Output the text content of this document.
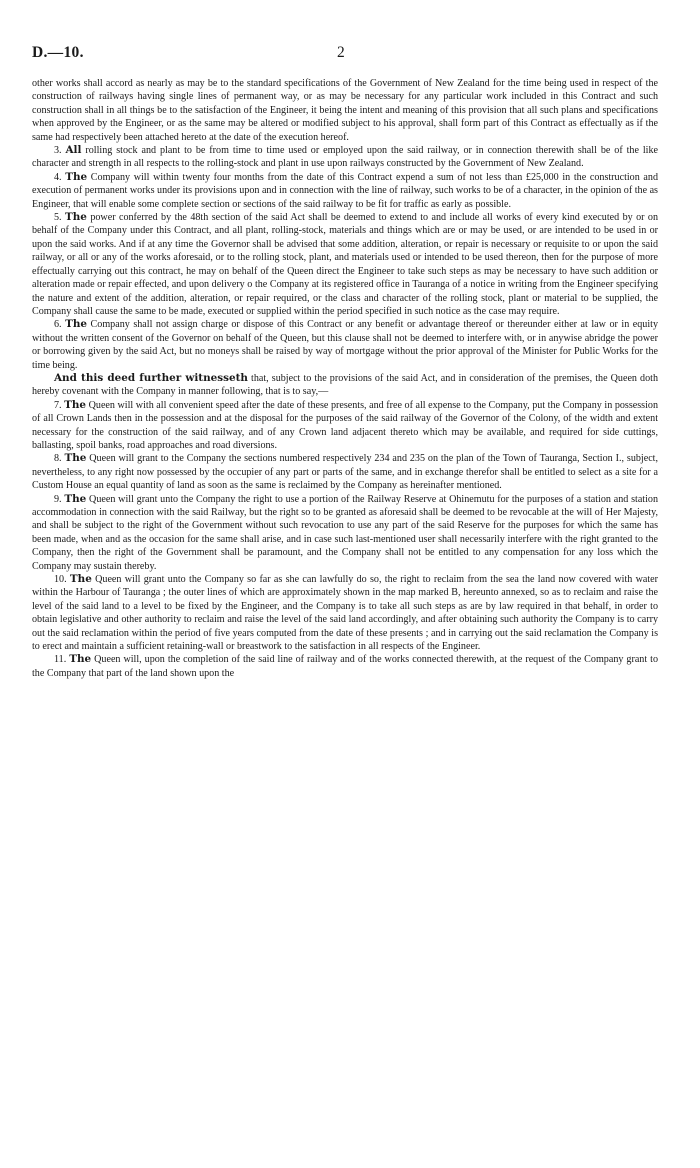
D.—10.	2

other works shall accord as nearly as may be to the standard specifications of the Government of New Zealand for the time being used in respect of the construction of railways having single lines of permanent way, or as may be necessary for any particular work included in this Contract and such construction shall in all things be to the satisfaction of the Engineer, it being the intent and meaning of this provision that all such plans and specifications when approved by the Engineer, or as the same may be altered or modified subject to his approval, shall form part of this Contract as effectually as if the same had respectively been attached hereto at the date of the execution hereof.

3. All rolling stock and plant to be from time to time used or employed upon the said railway, or in connection therewith shall be of the like character and strength in all respects to the rolling-stock and plant in use upon railways constructed by the Government of New Zealand.

4. The Company will within twenty four months from the date of this Contract expend a sum of not less than £25,000 in the construction and execution of permanent works under its provisions upon and in connection with the line of railway, such works to be of a character, in the opinion of the as Engineer, that will enable some complete section or sections of the said railway to be fit for traffic as early as possible.

5. The power conferred by the 48th section of the said Act shall be deemed to extend to and include all works of every kind executed by or on behalf of the Company under this Contract, and all plant, rolling-stock, materials and things which are or may be used, or are intended to be used in or upon the said works. And if at any time the Governor shall be advised that some addition, alteration, or repair is necessary or requisite to or upon the said railway, or all or any of the works aforesaid, or to the rolling stock, plant, and materials used or intended to be used thereon, then for the purpose of more effectually carrying out this contract, he may on behalf of the Queen direct the Engineer to take such steps as may be necessary to have such addition or alteration made or repair effected, and upon delivery o the Company at its registered office in Tauranga of a notice in writing from the Engineer specifying the nature and extent of the addition, alteration, or repair required, or the class and character of the rolling stock, plant or material to be supplied, the Company shall cause the same to be made, executed or supplied within the period specified in such notice as the case may require.

6. The Company shall not assign charge or dispose of this Contract or any benefit or advantage thereof or thereunder either at law or in equity without the written consent of the Governor on behalf of the Queen, but this clause shall not be deemed to interfere with, or in anywise abridge the power or borrowing given by the said Act, but no moneys shall be raised by way of mortgage without the prior approval of the Minister for Public Works for the time being.

And this deed further witnesseth that, subject to the provisions of the said Act, and in consideration of the premises, the Queen doth hereby covenant with the Company in manner following, that is to say,—

7. The Queen will with all convenient speed after the date of these presents, and free of all expense to the Company, put the Company in possession of all Crown Lands then in the possession and at the disposal for the purposes of the said railway of the Governor of the Colony, of the width and extent necessary for the construction of the said railway, and of any Crown land adjacent thereto which may be available, and required for side cuttings, ballasting, spoil banks, road approaches and road diversions.

8. The Queen will grant to the Company the sections numbered respectively 234 and 235 on the plan of the Town of Tauranga, Section I., subject, nevertheless, to any right now possessed by the occupier of any part or parts of the same, and in exchange therefor shall be entitled to select as a site for a Custom House an equal quantity of land as soon as the same is reclaimed by the Company as hereinafter mentioned.

9. The Queen will grant unto the Company the right to use a portion of the Railway Reserve at Ohinemutu for the purposes of a station and station accommodation in connection with the said Railway, but the right so to be granted as aforesaid shall be deemed to be revocable at the will of Her Majesty, and shall be subject to the right of the Government without such revocation to use any part of the said Reserve for the purposes for which the same has been made, when and as the occasion for the same shall arise, and in case such last-mentioned user shall necessarily interfere with the right granted to the Company, then the right of the Government shall be paramount, and the Company shall not be entitled to any compensation for any loss which the Company may sustain thereby.

10. The Queen will grant unto the Company so far as she can lawfully do so, the right to reclaim from the sea the land now covered with water within the Harbour of Tauranga ; the outer lines of which are approximately shown in the map marked B, hereunto annexed, so as to reclaim and raise the level of the said land to a level to be fixed by the Engineer, and the Company is to take all such steps as are by law required in that behalf, in order to obtain legislative and other authority to reclaim and raise the level of the said land accordingly, and after obtaining such authority the Company is to carry out the said reclamation within the period of five years computed from the date of these presents ; and in carrying out the said reclamation the Company is to erect and maintain a sufficient retaining-wall or breastwork to the satisfaction in all respects of the Engineer.

11. The Queen will, upon the completion of the said line of railway and of the works connected therewith, at the request of the Company grant to the Company that part of the land shown upon the
